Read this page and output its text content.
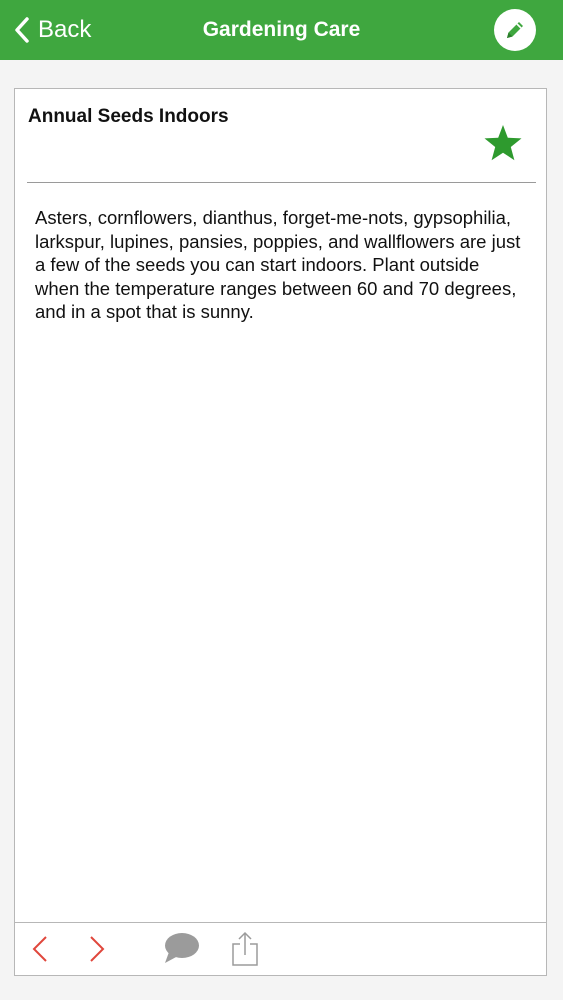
Back	Gardening Care
Annual Seeds Indoors
Asters, cornflowers, dianthus, forget-me-nots, gypsophilia, larkspur, lupines, pansies, poppies, and wallflowers are just a few of the seeds you can start indoors. Plant outside when the temperature ranges between 60 and 70 degrees, and in a spot that is sunny.
